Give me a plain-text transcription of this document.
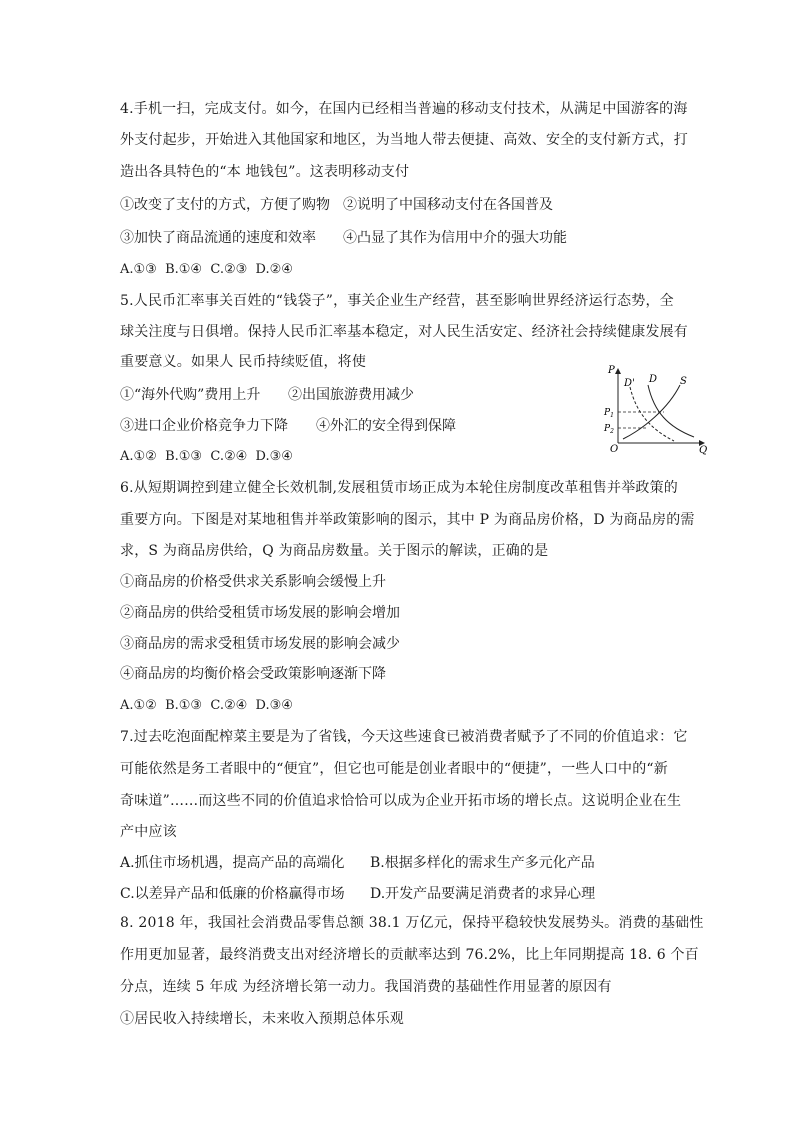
4.手机一扫，完成支付。如今，在国内已经相当普遍的移动支付技术，从满足中国游客的海
外支付起步，开始进入其他国家和地区，为当地人带去便捷、高效、安全的支付新方式，打
造出各具特色的“本 地钱包”。这表明移动支付
①改变了支付的方式，方便了购物 ②说明了中国移动支付在各国普及
③加快了商品流通的速度和效率 ④凸显了其作为信用中介的强大功能
A.①③  B.①④  C.②③  D.②④
5.人民币汇率事关百姓的“钱袋子”，事关企业生产经营，甚至影响世界经济运行态势，全
球关注度与日俱增。保持人民币汇率基本稳定，对人民生活安定、经济社会持续健康发展有
重要意义。如果人 民币持续贬值，将使
①“海外代购”费用上升 ②出国旅游费用减少
③进口企业价格竞争力下降 ④外汇的安全得到保障
A.①②  B.①③  C.②④  D.③④
P
Q
O
D' D S
$P_1$
$P_2$
6.从短期调控到建立健全长效机制,发展租赁市场正成为本轮住房制度改革租售并举政策的
重要方向。下图是对某地租售并举政策影响的图示，其中 P 为商品房价格，D 为商品房的需
求，S 为商品房供给，Q 为商品房数量。关于图示的解读，正确的是
①商品房的价格受供求关系影响会缓慢上升
②商品房的供给受租赁市场发展的影响会增加
③商品房的需求受租赁市场发展的影响会减少
④商品房的均衡价格会受政策影响逐渐下降
A.①②  B.①③  C.②④  D.③④
7.过去吃泡面配榨菜主要是为了省钱，今天这些速食已被消费者赋予了不同的价值追求：它
可能依然是务工者眼中的“便宜”，但它也可能是创业者眼中的“便捷”，一些人口中的“新
奇味道”……而这些不同的价值追求恰恰可以成为企业开拓市场的增长点。这说明企业在生
产中应该
A.抓住市场机遇，提高产品的高端化 B.根据多样化的需求生产多元化产品
C.以差异产品和低廉的价格赢得市场 D.开发产品要满足消费者的求异心理
8. 2018 年，我国社会消费品零售总额 38.1 万亿元，保持平稳较快发展势头。消费的基础性
作用更加显著，最终消费支出对经济增长的贡献率达到 76.2%，比上年同期提高 18. 6 个百
分点，连续 5 年成 为经济增长第一动力。我国消费的基础性作用显著的原因有
①居民收入持续增长，未来收入预期总体乐观
